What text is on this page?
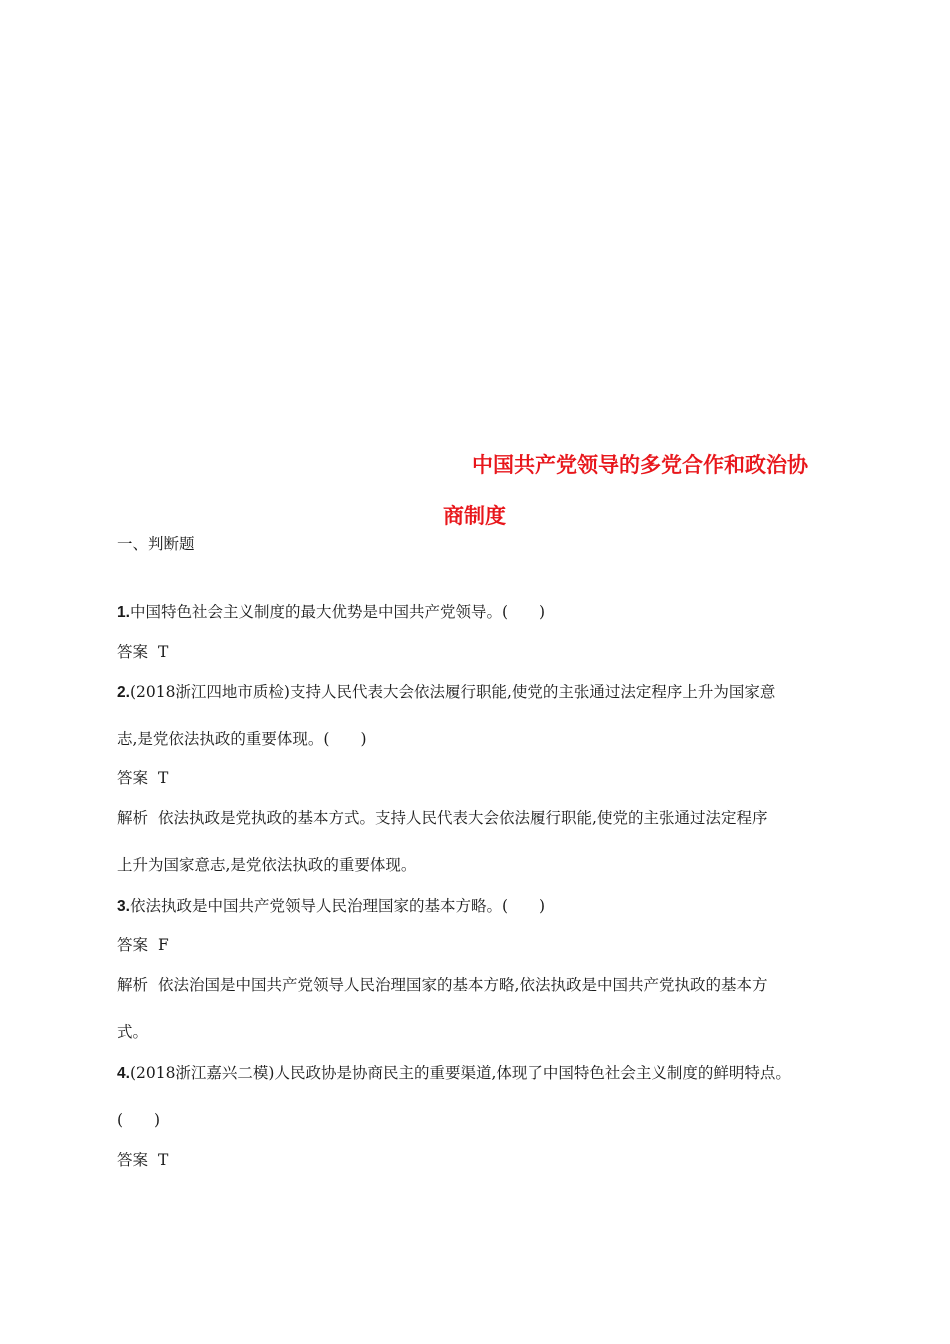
中国共产党领导的多党合作和政治协
商制度
一、判断题
1.中国特色社会主义制度的最大优势是中国共产党领导。(　　)
答案 T
2.(2018浙江四地市质检)支持人民代表大会依法履行职能,使党的主张通过法定程序上升为国家意
志,是党依法执政的重要体现。(　　)
答案 T
解析 依法执政是党执政的基本方式。支持人民代表大会依法履行职能,使党的主张通过法定程序
上升为国家意志,是党依法执政的重要体现。
3.依法执政是中国共产党领导人民治理国家的基本方略。(　　)
答案 F
解析 依法治国是中国共产党领导人民治理国家的基本方略,依法执政是中国共产党执政的基本方
式。
4.(2018浙江嘉兴二模)人民政协是协商民主的重要渠道,体现了中国特色社会主义制度的鲜明特点。
(　　)
答案 T
